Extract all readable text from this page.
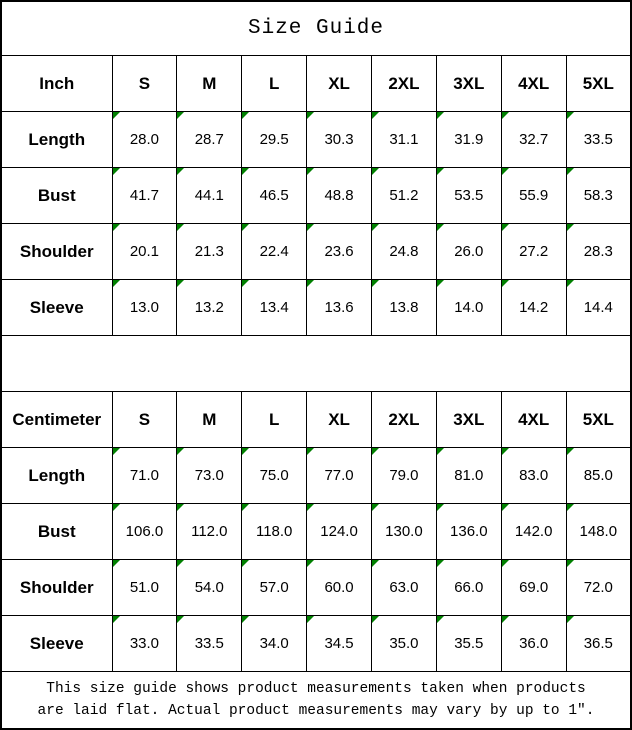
Size Guide								
Inch	S	M	L	XL	2XL	3XL	4XL	5XL
Length	28.0	28.7	29.5	30.3	31.1	31.9	32.7	33.5
Bust	41.7	44.1	46.5	48.8	51.2	53.5	55.9	58.3
Shoulder	20.1	21.3	22.4	23.6	24.8	26.0	27.2	28.3
Sleeve	13.0	13.2	13.4	13.6	13.8	14.0	14.2	14.4

Centimeter	S	M	L	XL	2XL	3XL	4XL	5XL
Length	71.0	73.0	75.0	77.0	79.0	81.0	83.0	85.0
Bust	106.0	112.0	118.0	124.0	130.0	136.0	142.0	148.0
Shoulder	51.0	54.0	57.0	60.0	63.0	66.0	69.0	72.0
Sleeve	33.0	33.5	34.0	34.5	35.0	35.5	36.0	36.5

This size guide shows product measurements taken when products
are laid flat. Actual product measurements may vary by up to 1″.								
